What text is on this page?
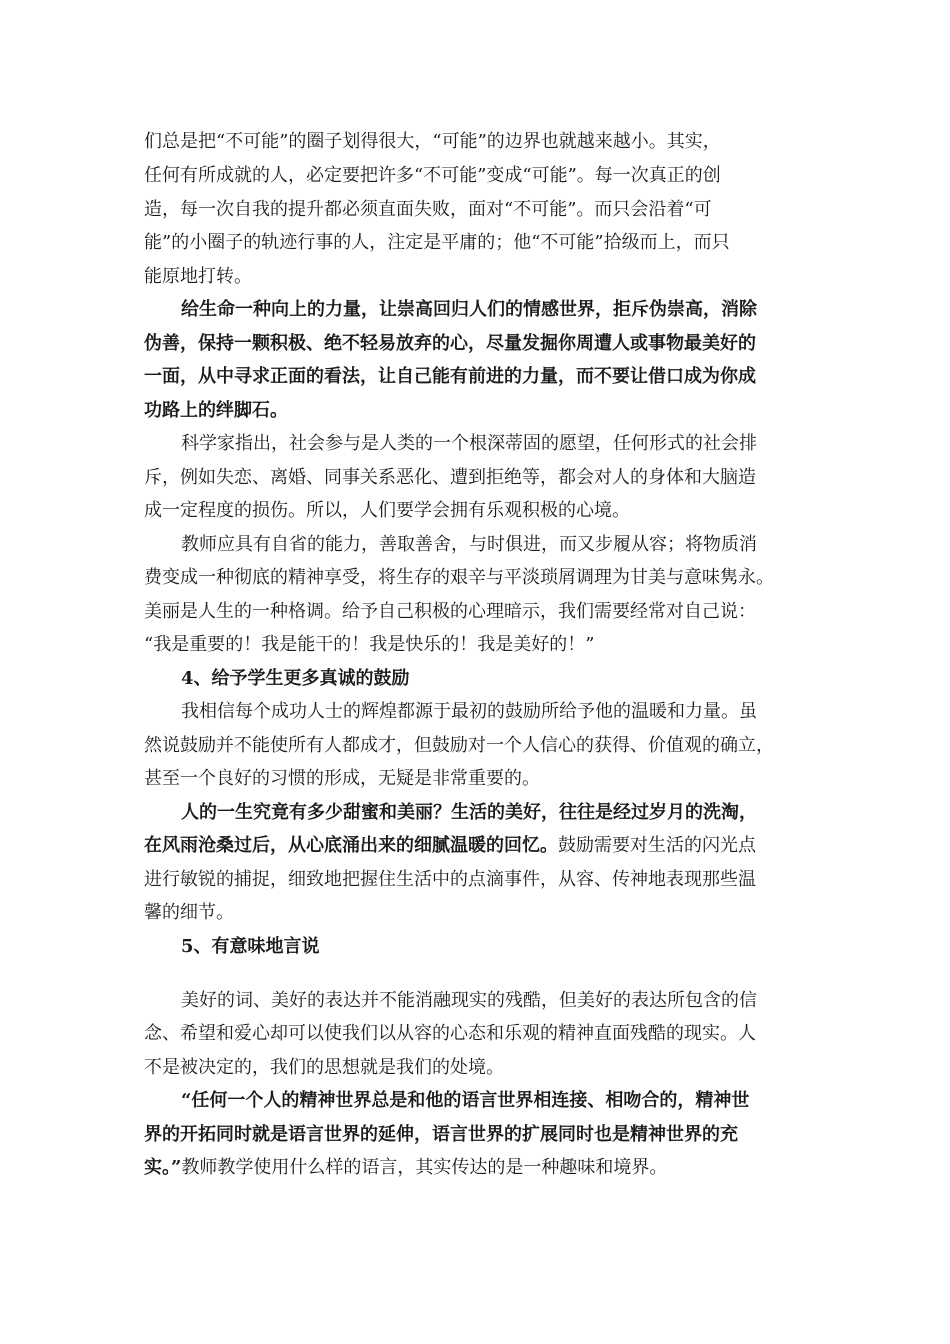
们总是把“不可能”的圈子划得很大，“可能”的边界也就越来越小。其实，
任何有所成就的人，必定要把许多“不可能”变成“可能”。每一次真正的创
造，每一次自我的提升都必须直面失败，面对“不可能”。而只会沿着“可
能”的小圈子的轨迹行事的人，注定是平庸的；他“不可能”拾级而上，而只
能原地打转。
给生命一种向上的力量，让崇高回归人们的情感世界，拒斥伪崇高，消除
伪善，保持一颗积极、绝不轻易放弃的心，尽量发掘你周遭人或事物最美好的
一面，从中寻求正面的看法，让自己能有前进的力量，而不要让借口成为你成
功路上的绊脚石。
科学家指出，社会参与是人类的一个根深蒂固的愿望，任何形式的社会排
斥，例如失恋、离婚、同事关系恶化、遭到拒绝等，都会对人的身体和大脑造
成一定程度的损伤。所以，人们要学会拥有乐观积极的心境。
教师应具有自省的能力，善取善舍，与时俱进，而又步履从容；将物质消
费变成一种彻底的精神享受，将生存的艰辛与平淡琐屑调理为甘美与意味隽永。
美丽是人生的一种格调。给予自己积极的心理暗示，我们需要经常对自己说：
“我是重要的！我是能干的！我是快乐的！我是美好的！”
4、给予学生更多真诚的鼓励
我相信每个成功人士的辉煌都源于最初的鼓励所给予他的温暖和力量。虽
然说鼓励并不能使所有人都成才，但鼓励对一个人信心的获得、价值观的确立，
甚至一个良好的习惯的形成，无疑是非常重要的。
人的一生究竟有多少甜蜜和美丽？生活的美好，往往是经过岁月的洗淘，
在风雨沧桑过后，从心底涌出来的细腻温暖的回忆。鼓励需要对生活的闪光点
进行敏锐的捕捉，细致地把握住生活中的点滴事件，从容、传神地表现那些温
馨的细节。
5、有意味地言说
美好的词、美好的表达并不能消融现实的残酷，但美好的表达所包含的信
念、希望和爱心却可以使我们以从容的心态和乐观的精神直面残酷的现实。人
不是被决定的，我们的思想就是我们的处境。
“任何一个人的精神世界总是和他的语言世界相连接、相吻合的，精神世
界的开拓同时就是语言世界的延伸，语言世界的扩展同时也是精神世界的充
实。”教师教学使用什么样的语言，其实传达的是一种趣味和境界。
